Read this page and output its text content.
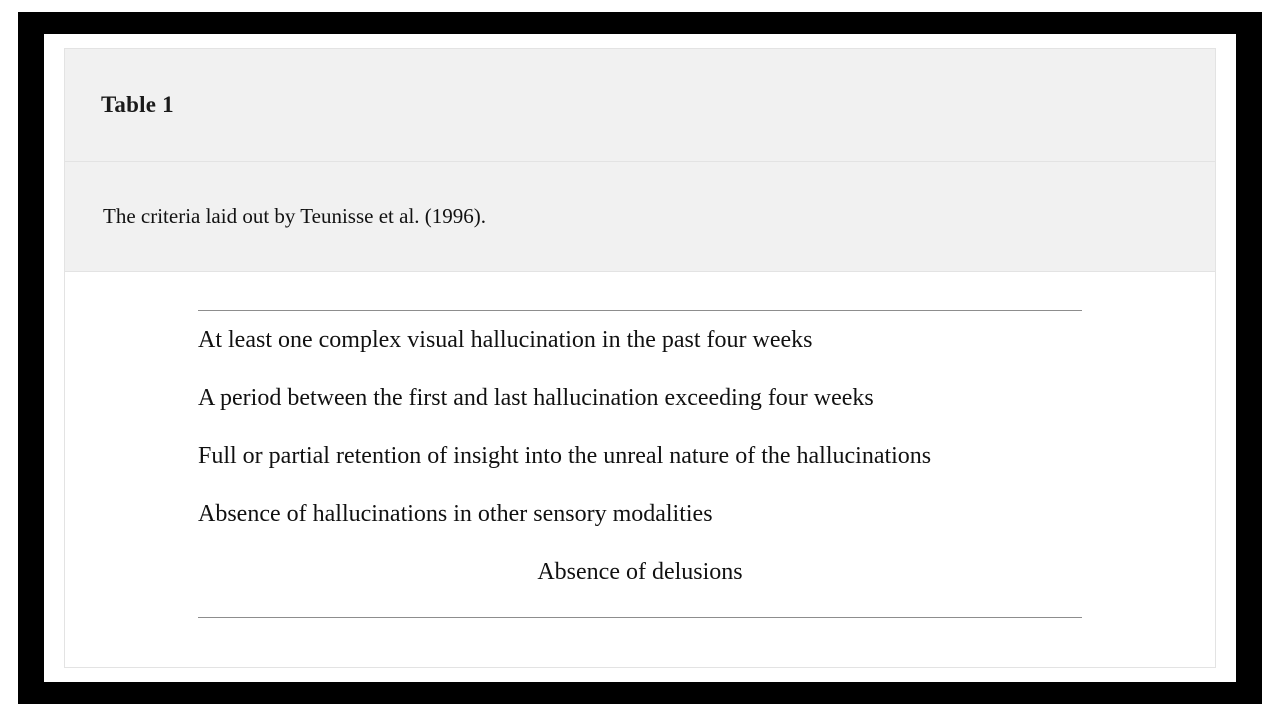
Table 1
The criteria laid out by Teunisse et al. (1996).
At least one complex visual hallucination in the past four weeks
A period between the first and last hallucination exceeding four weeks
Full or partial retention of insight into the unreal nature of the hallucinations
Absence of hallucinations in other sensory modalities
Absence of delusions
